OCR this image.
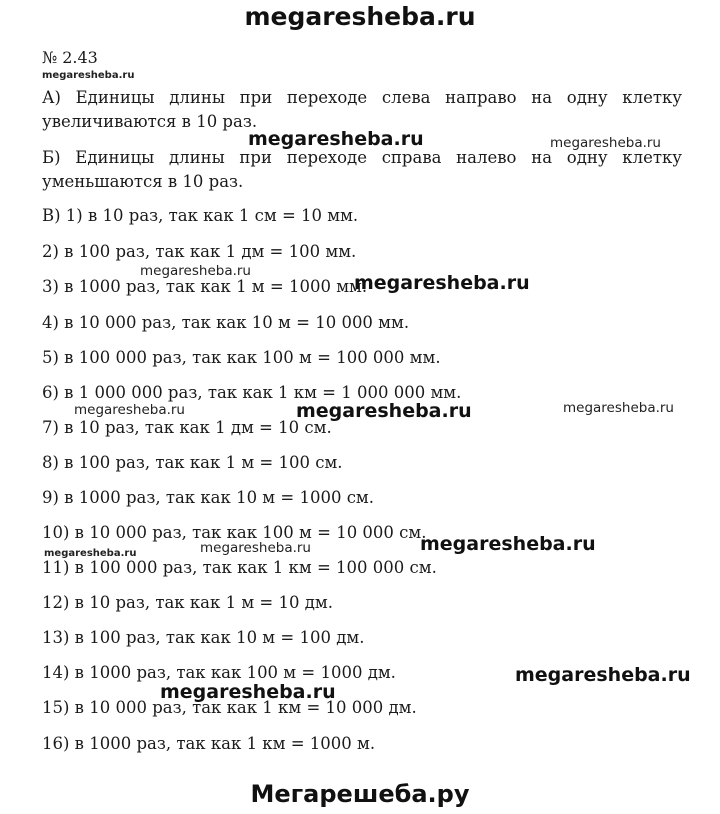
megaresheba.ru
№ 2.43
А) Единицы длины при переходе слева направо на одну клетку увеличиваются в 10 раз.
Б) Единицы длины при переходе справа налево на одну клетку уменьшаются в 10 раз.
В) 1) в 10 раз, так как 1 см = 10 мм.
2) в 100 раз, так как 1 дм = 100 мм.
3) в 1000 раз, так как 1 м = 1000 мм.
4) в 10 000 раз, так как 10 м = 10 000 мм.
5) в 100 000 раз, так как 100 м = 100 000 мм.
6) в 1 000 000 раз, так как 1 км = 1 000 000 мм.
7) в 10 раз, так как 1 дм = 10 см.
8) в 100 раз, так как 1 м = 100 см.
9) в 1000 раз, так как 10 м = 1000 см.
10) в 10 000 раз, так как 100 м = 10 000 см.
11) в 100 000 раз, так как 1 км = 100 000 см.
12) в 10 раз, так как 1 м = 10 дм.
13) в 100 раз, так как 10 м = 100 дм.
14) в 1000 раз, так как 100 м = 1000 дм.
15) в 10 000 раз, так как 1 км = 10 000 дм.
16) в 1000 раз, так как 1 км = 1000 м.
megaresheba.ru
megaresheba.ru	megaresheba.ru
megaresheba.ru
megaresheba.ru
megaresheba.ru	megaresheba.ru	megaresheba.ru
megaresheba.ru	megaresheba.ru	megaresheba.ru
megaresheba.ru
megaresheba.ru
Мегарешеба.ру
